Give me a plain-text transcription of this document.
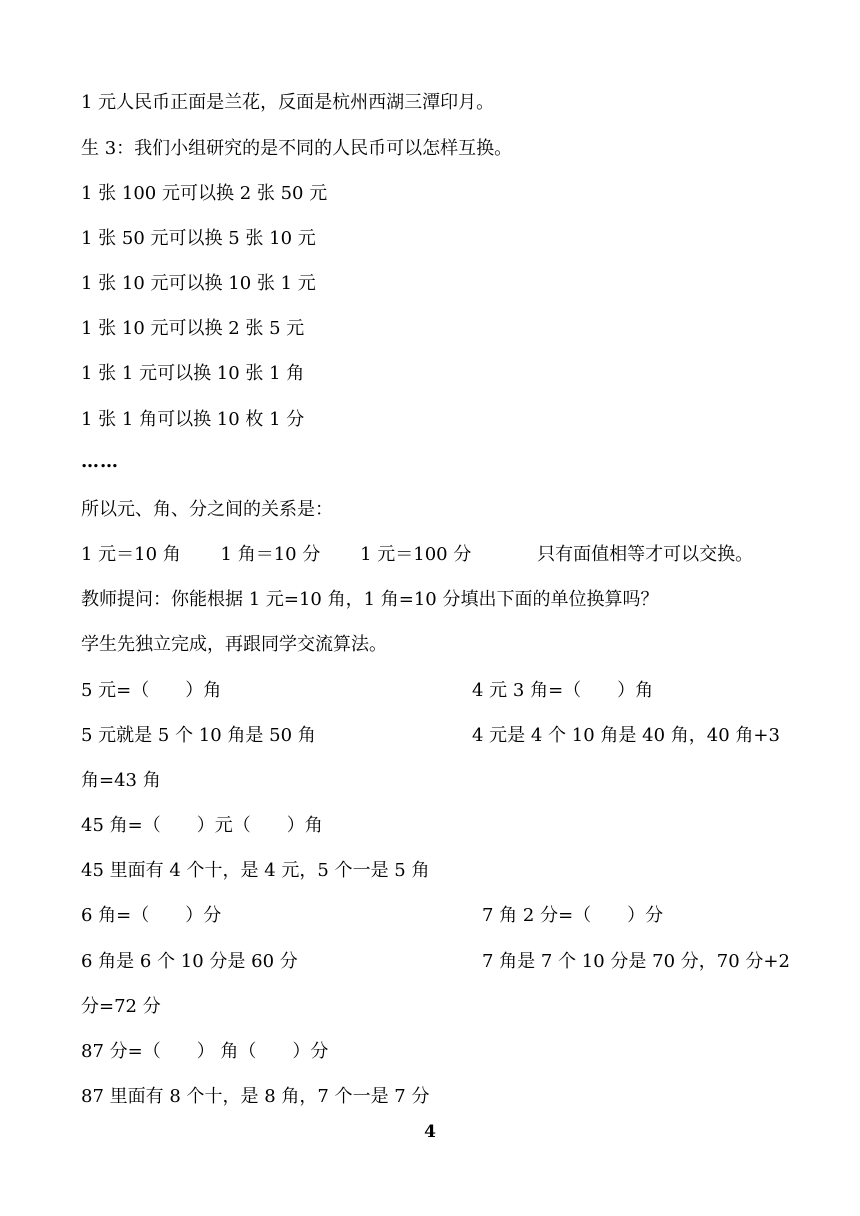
1 元人民币正面是兰花，反面是杭州西湖三潭印月。
生 3：我们小组研究的是不同的人民币可以怎样互换。
1 张 100 元可以换 2 张 50 元
1 张 50 元可以换 5 张 10 元
1 张 10 元可以换 10 张 1 元
1 张 10 元可以换 2 张 5 元
1 张 1 元可以换 10 张 1 角
1 张 1 角可以换 10 枚 1 分
……
所以元、角、分之间的关系是：
1 元＝10 角 1 角＝10 分 1 元＝100 分	只有面值相等才可以交换。
教师提问：你能根据 1 元=10 角，1 角=10 分填出下面的单位换算吗？
学生先独立完成，再跟同学交流算法。
5 元=（　　）角	4 元 3 角=（　　）角
5 元就是 5 个 10 角是 50 角	4 元是 4 个 10 角是 40 角，40 角+3
角=43 角
45 角=（　　）元（　　）角
45 里面有 4 个十，是 4 元，5 个一是 5 角
6 角=（　　）分	7 角 2 分=（　　）分
6 角是 6 个 10 分是 60 分	7 角是 7 个 10 分是 70 分，70 分+2
分=72 分
87 分=（　　） 角（　　）分
87 里面有 8 个十，是 8 角，7 个一是 7 分
4
